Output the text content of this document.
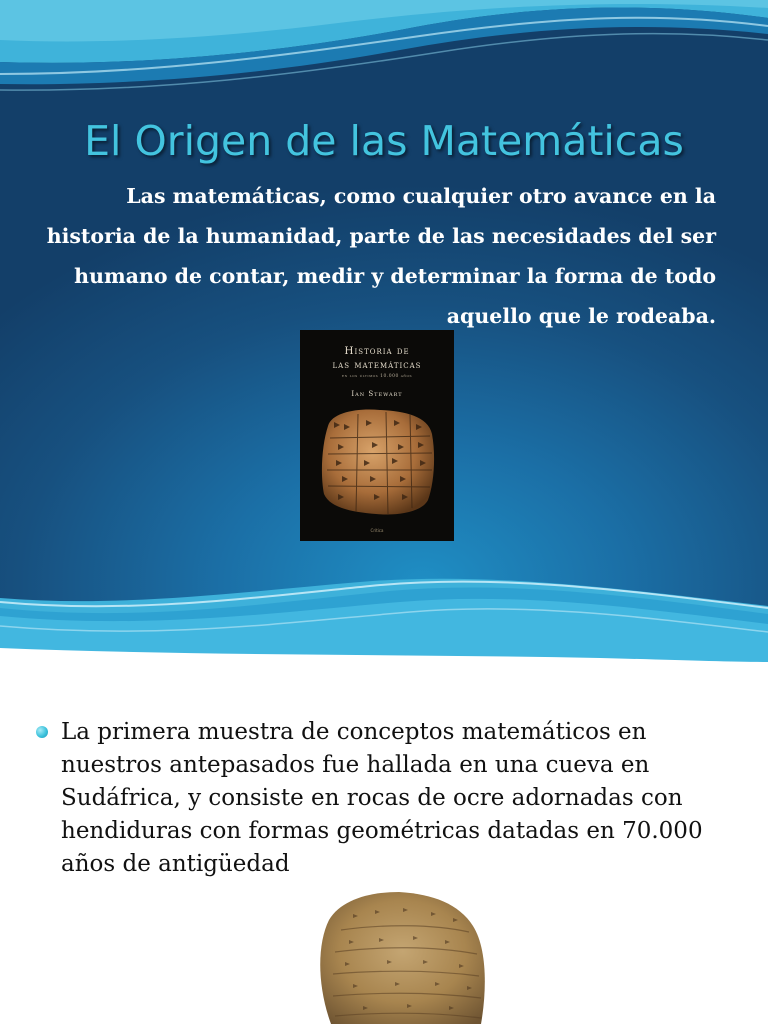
El Origen de las Matemáticas

Las matemáticas, como cualquier otro avance en la historia de la humanidad, parte de las necesidades del ser humano de contar, medir y determinar la forma de todo aquello que le rodeaba.

Historia de
las matemáticas
en los últimos 10.000 años
Ian Stewart
Crítica

La primera muestra de conceptos matemáticos en nuestros antepasados fue hallada en una cueva en Sudáfrica, y consiste en rocas de ocre adornadas con hendiduras con formas geométricas datadas en 70.000 años de antigüedad
